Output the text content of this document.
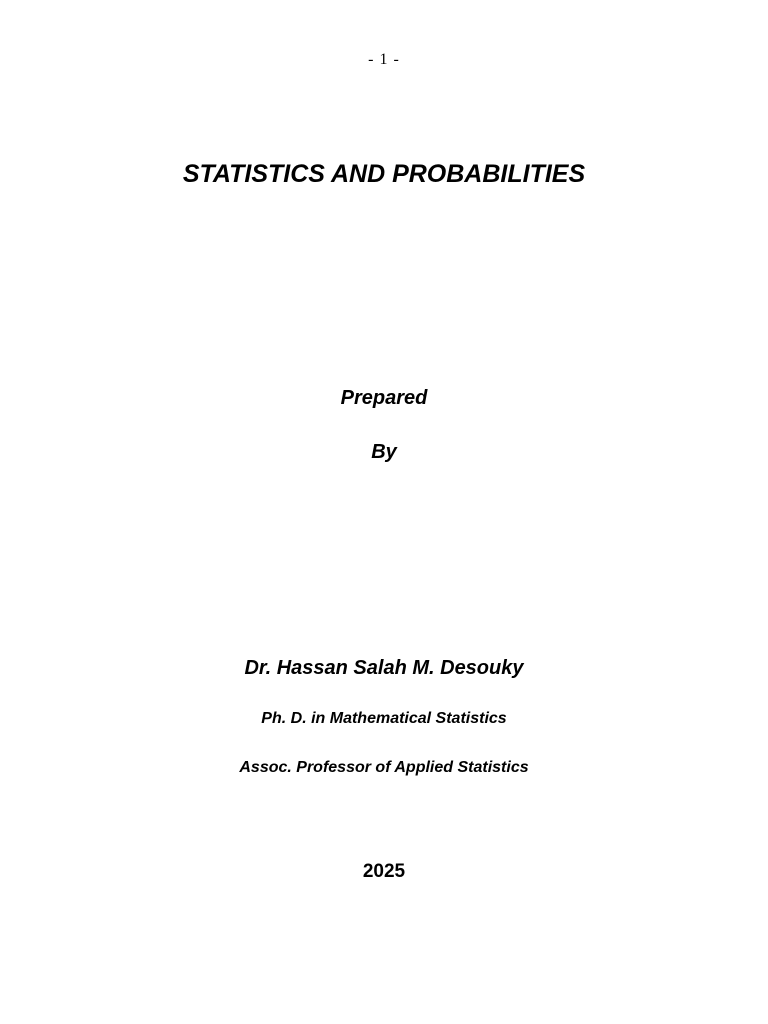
- 1 -
STATISTICS AND PROBABILITIES
Prepared
By
Dr. Hassan Salah M. Desouky
Ph. D. in Mathematical Statistics
Assoc. Professor of Applied Statistics
2025
